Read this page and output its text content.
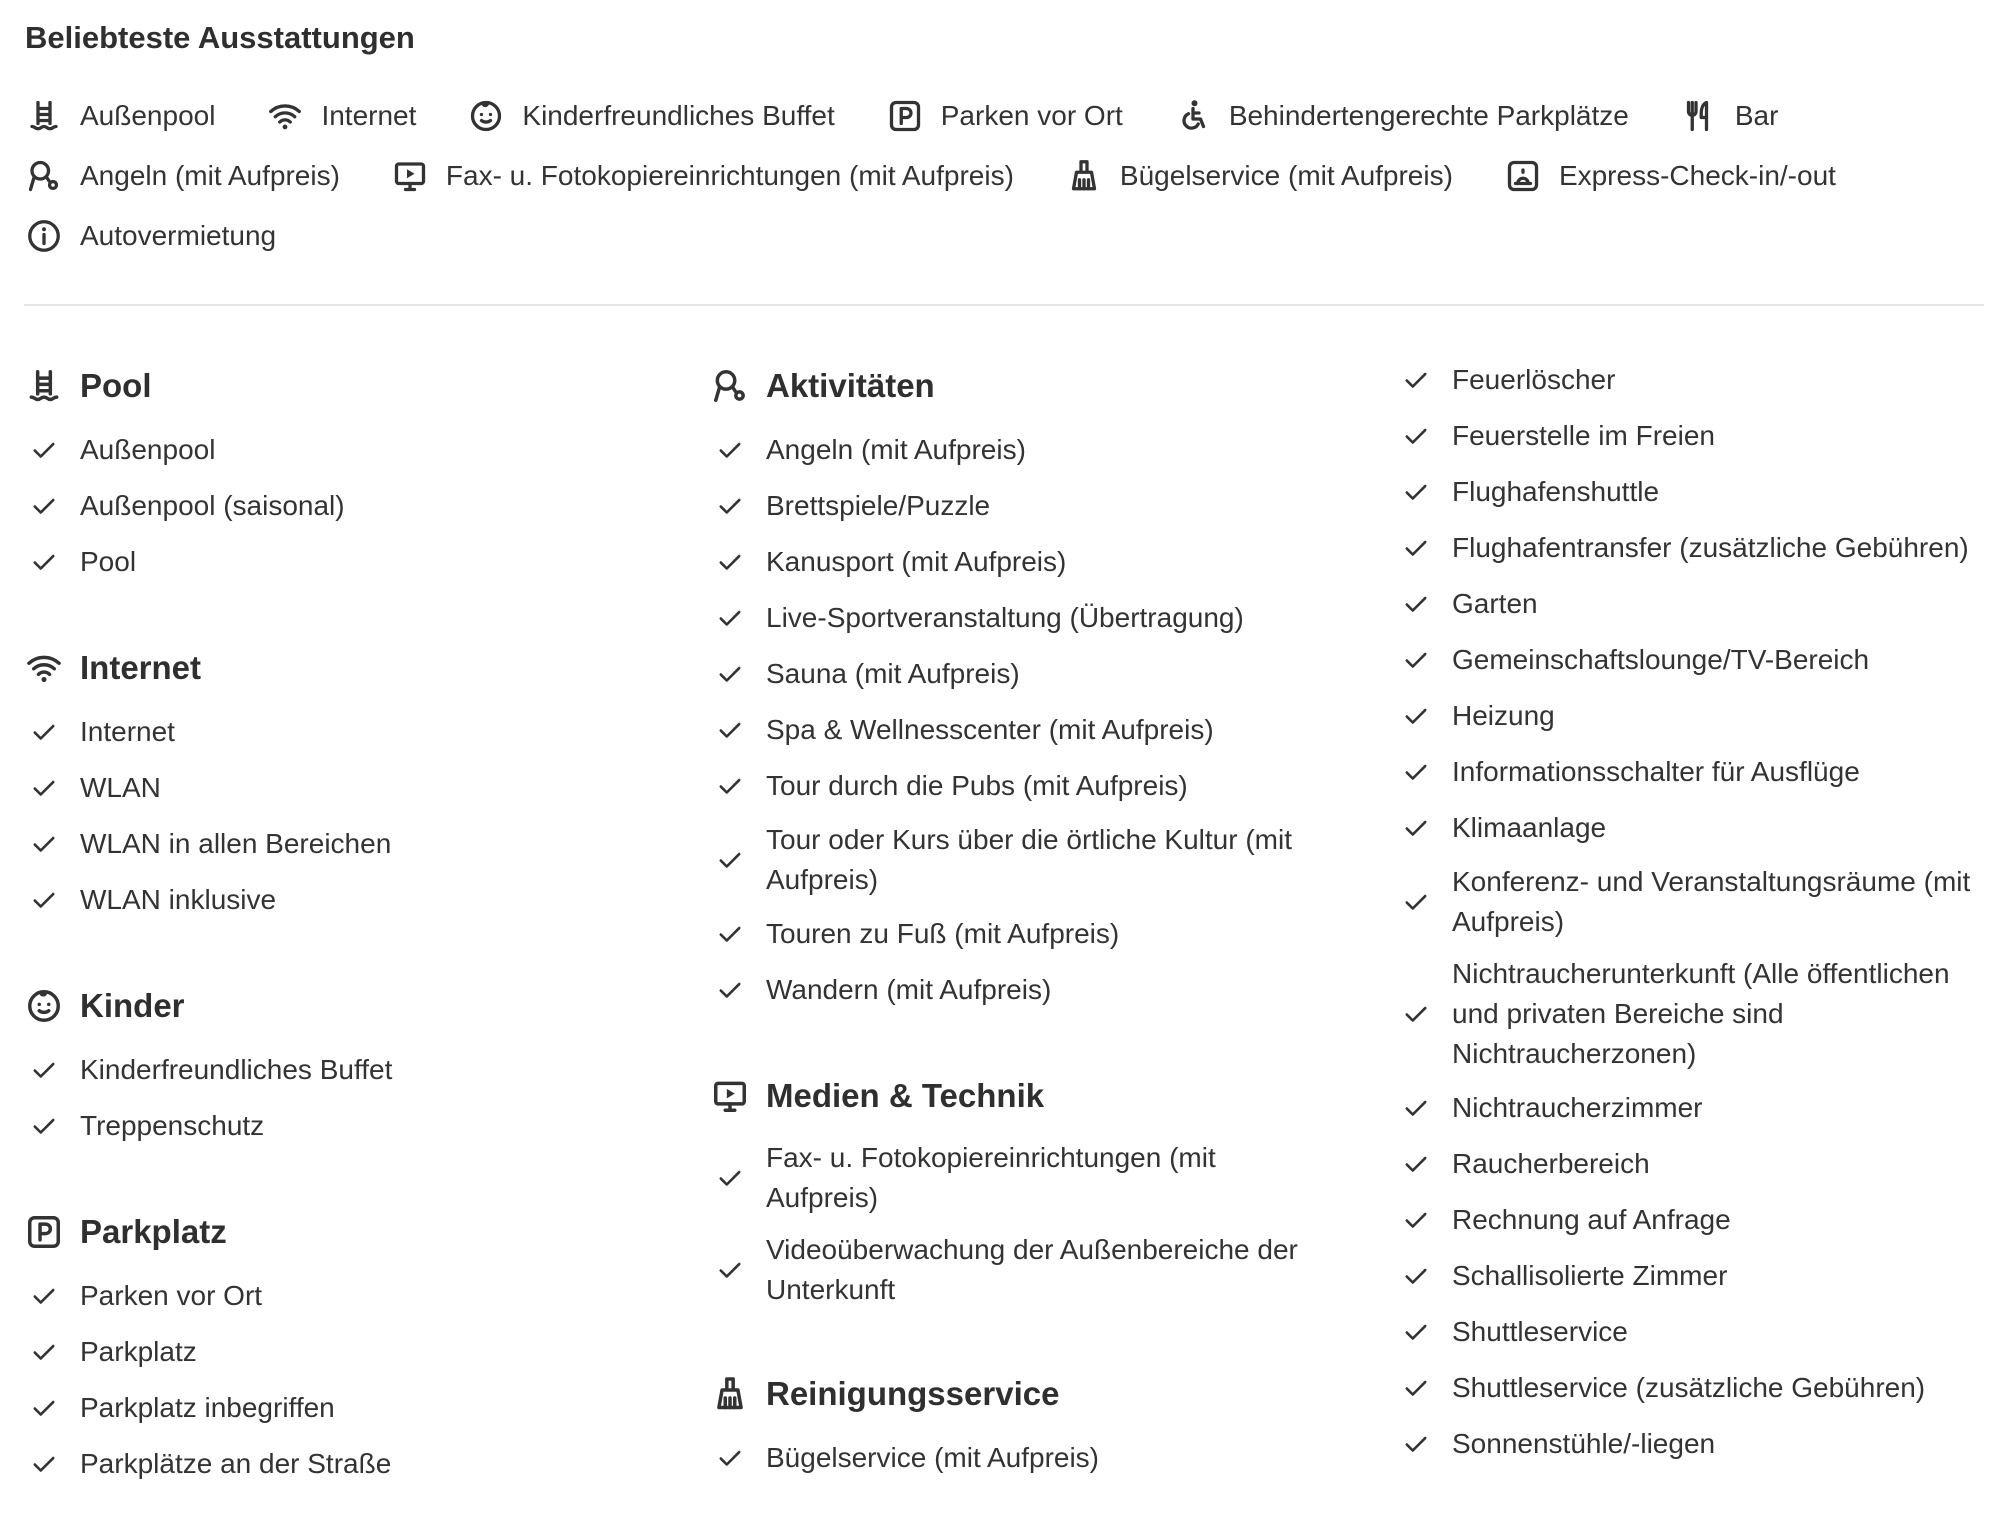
Beliebteste Ausstattungen
Außenpool	Internet	Kinderfreundliches Buffet	Parken vor Ort	Behindertengerechte Parkplätze	Bar
Angeln (mit Aufpreis)	Fax- u. Fotokopiereinrichtungen (mit Aufpreis)	Bügelservice (mit Aufpreis)	Express-Check-in/-out
Autovermietung
Pool
Außenpool
Außenpool (saisonal)
Pool
Internet
Internet
WLAN
WLAN in allen Bereichen
WLAN inklusive
Kinder
Kinderfreundliches Buffet
Treppenschutz
Parkplatz
Parken vor Ort
Parkplatz
Parkplatz inbegriffen
Parkplätze an der Straße
Aktivitäten
Angeln (mit Aufpreis)
Brettspiele/Puzzle
Kanusport (mit Aufpreis)
Live-Sportveranstaltung (Übertragung)
Sauna (mit Aufpreis)
Spa & Wellnesscenter (mit Aufpreis)
Tour durch die Pubs (mit Aufpreis)
Tour oder Kurs über die örtliche Kultur (mit Aufpreis)
Touren zu Fuß (mit Aufpreis)
Wandern (mit Aufpreis)
Medien & Technik
Fax- u. Fotokopiereinrichtungen (mit Aufpreis)
Videoüberwachung der Außenbereiche der Unterkunft
Reinigungsservice
Bügelservice (mit Aufpreis)
Feuerlöscher
Feuerstelle im Freien
Flughafenshuttle
Flughafentransfer (zusätzliche Gebühren)
Garten
Gemeinschaftslounge/TV-Bereich
Heizung
Informationsschalter für Ausflüge
Klimaanlage
Konferenz- und Veranstaltungsräume (mit Aufpreis)
Nichtraucherunterkunft (Alle öffentlichen und privaten Bereiche sind Nichtraucherzonen)
Nichtraucherzimmer
Raucherbereich
Rechnung auf Anfrage
Schallisolierte Zimmer
Shuttleservice
Shuttleservice (zusätzliche Gebühren)
Sonnenstühle/-liegen
